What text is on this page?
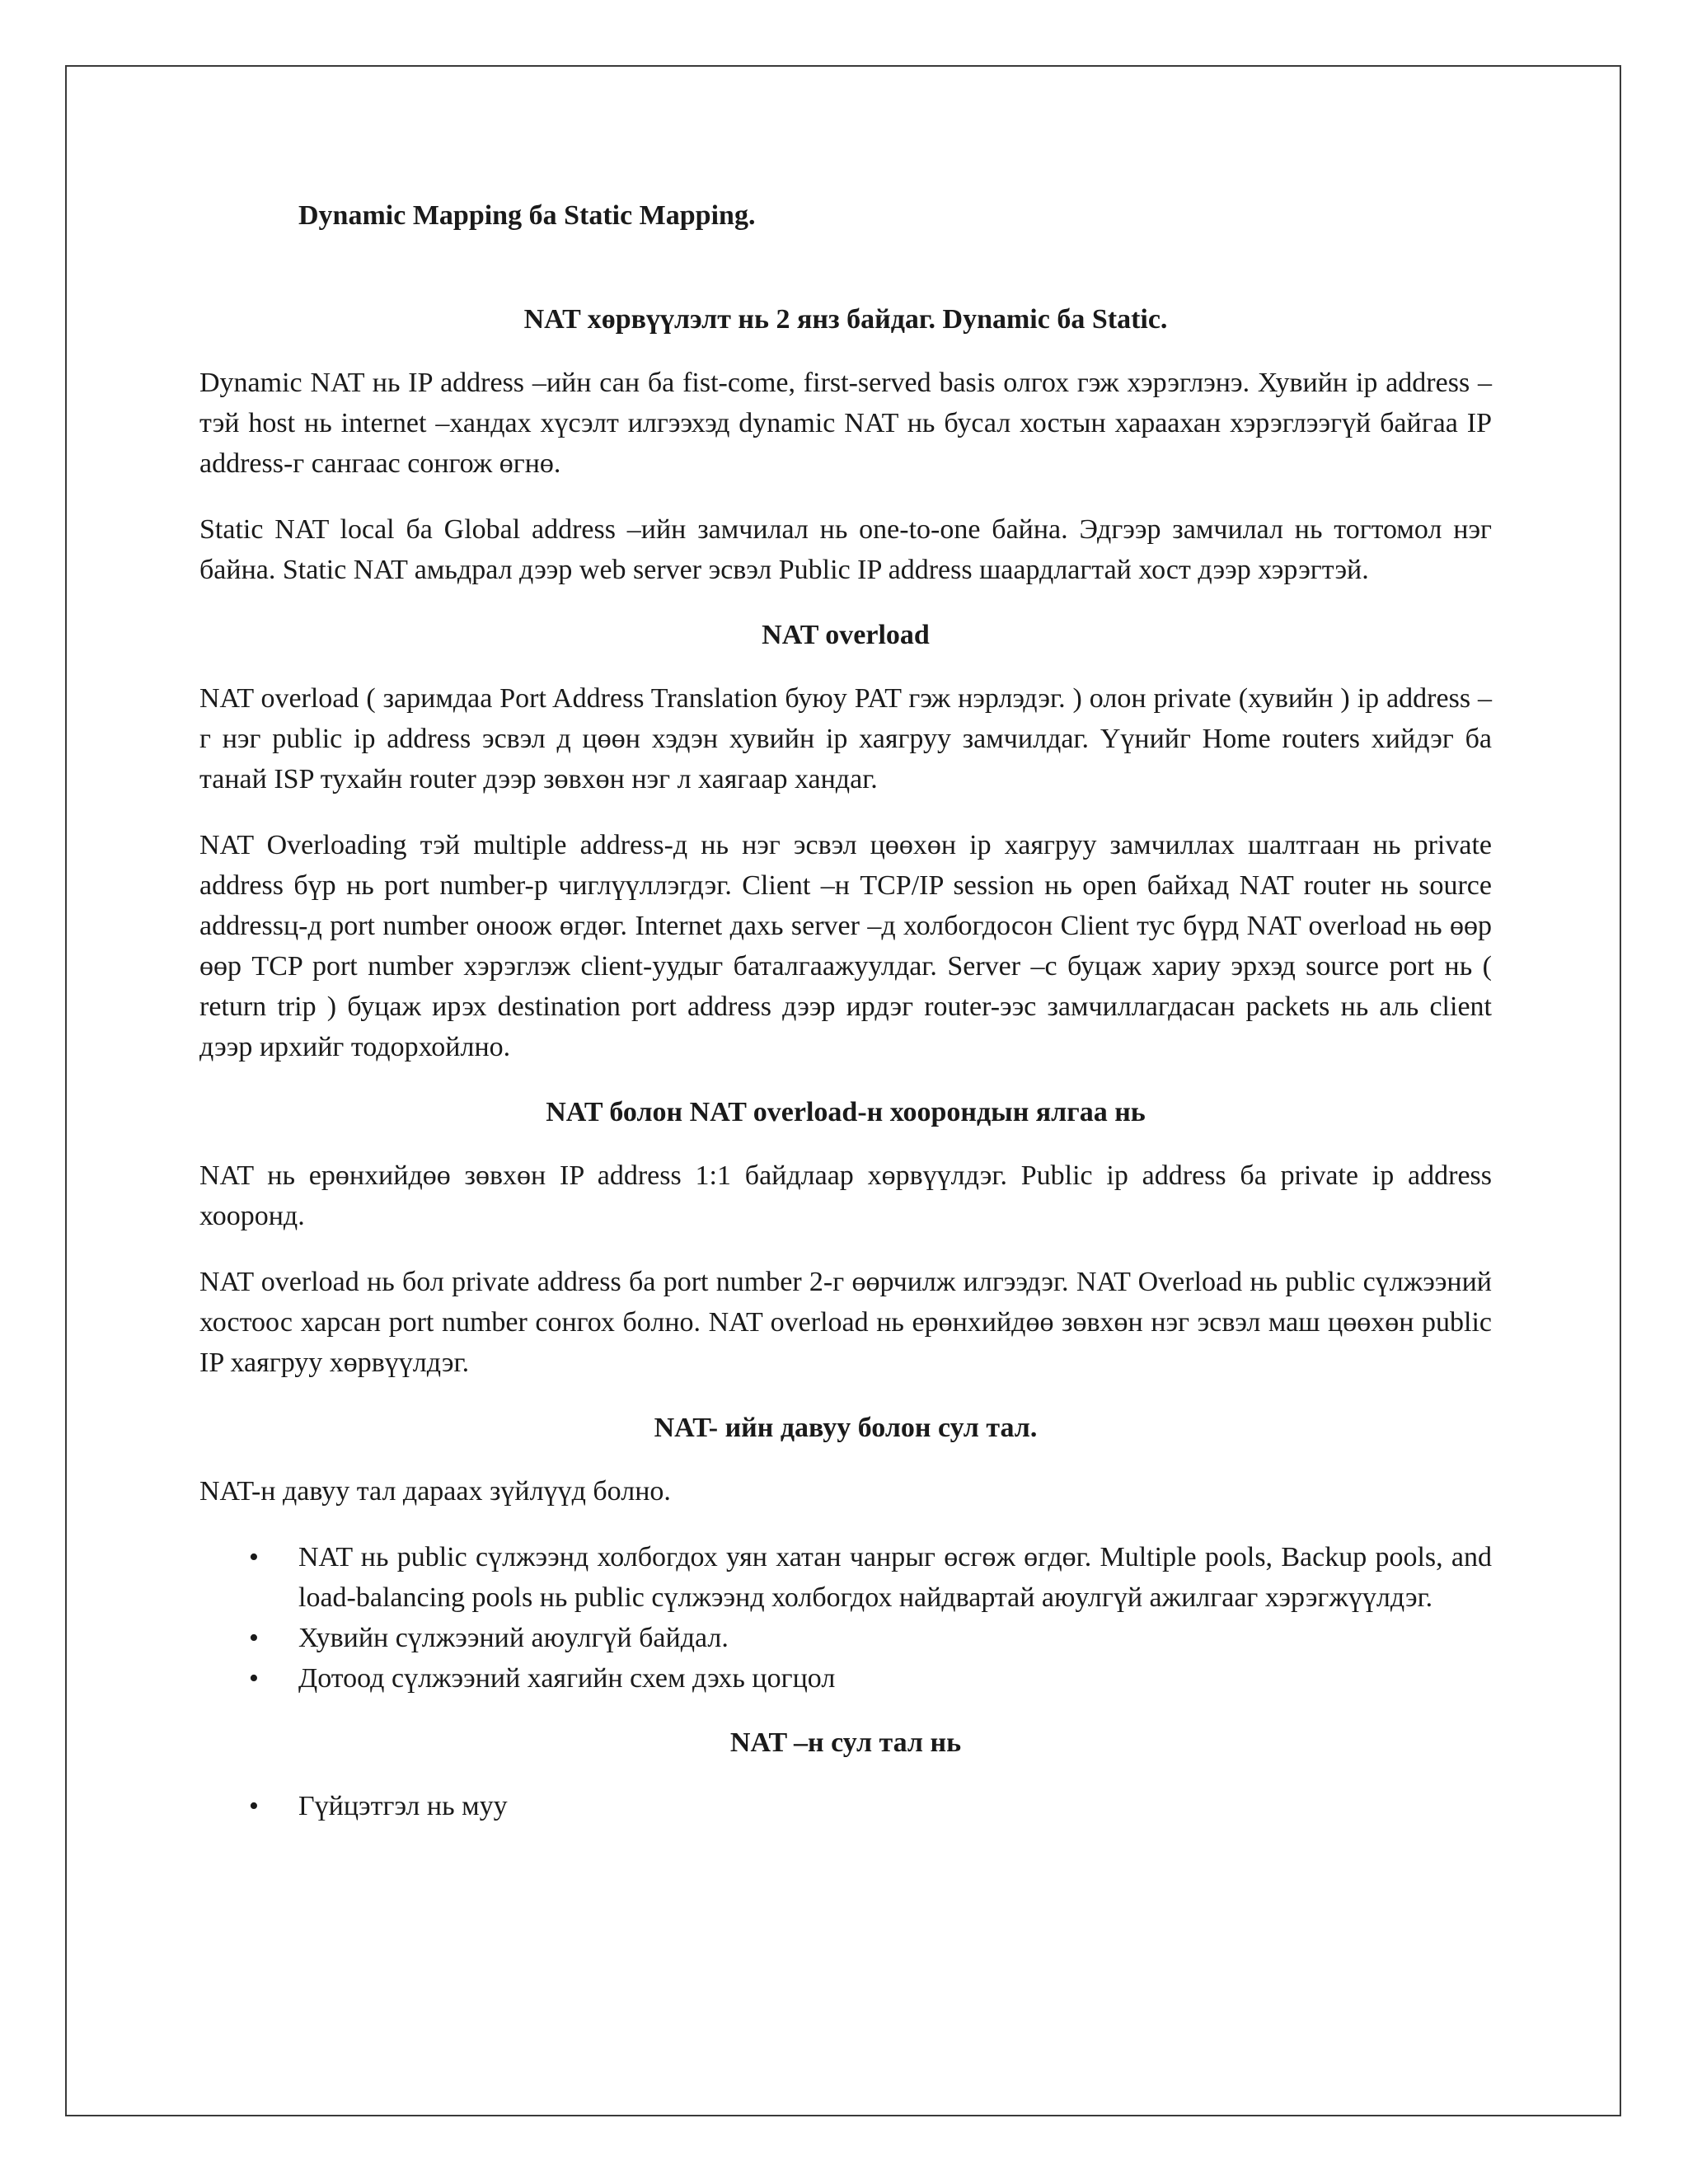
Dynamic Mapping ба Static Mapping.
NAT хөрвүүлэлт нь 2 янз байдаг. Dynamic ба Static.

Dynamic NAT нь IP address –ийн сан ба fist-come, first-served basis олгох гэж хэрэглэнэ. Хувийн ip address –тэй host нь internet –хандах хүсэлт илгээхэд dynamic NAT нь бусал хостын хараахан хэрэглээгүй байгаа IP address-г сангаас сонгож өгнө.

Static NAT local ба Global address –ийн замчилал нь one-to-one байна. Эдгээр замчилал нь тогтомол нэг байна. Static NAT амьдрал дээр web server эсвэл Public IP address шаардлагтай хост дээр хэрэгтэй.

NAT overload

NAT overload ( заримдаа Port Address Translation буюу PAT гэж нэрлэдэг. ) олон private (хувийн ) ip address –г нэг public ip address эсвэл д цөөн хэдэн хувийн ip хаягруу замчилдаг. Үүнийг Home routers хийдэг ба танай ISP тухайн router дээр зөвхөн нэг л хаягаар хандаг.

NAT Overloading тэй multiple address-д нь нэг эсвэл цөөхөн ip хаягруу замчиллах шалтгаан нь private address бүр нь port number-р чиглүүллэгдэг. Client –н TCP/IP session нь open байхад NAT router нь source addressц-д port number оноож өгдөг. Internet дахь server –д холбогдосон Client тус бүрд NAT overload нь өөр өөр TCP port number хэрэглэж client-уудыг баталгаажуулдаг. Server –с буцаж хариу эрхэд source port нь ( return trip ) буцаж ирэх destination port address дээр ирдэг router-ээс замчиллагдасан packets нь аль client дээр ирхийг тодорхойлно.

NAT болон NAT overload-н хоорондын ялгаа нь

NAT нь ерөнхийдөө зөвхөн IP address 1:1 байдлаар хөрвүүлдэг. Public ip address ба private ip address хооронд.

NAT overload нь бол private address ба port number 2-г өөрчилж илгээдэг. NAT Overload нь public сүлжээний хостоос харсан port number сонгох болно. NAT overload нь ерөнхийдөө зөвхөн нэг эсвэл маш цөөхөн public IP хаягруу хөрвүүлдэг.

NAT- ийн давуу болон сул тал.

NAT-н давуу тал дараах зүйлүүд болно.

• NAT нь public сүлжээнд холбогдох уян хатан чанрыг өсгөж өгдөг. Multiple pools, Backup pools, and load-balancing pools нь public сүлжээнд холбогдох найдвартай аюулгүй ажилгааг хэрэгжүүлдэг.
• Хувийн сүлжээний аюулгүй байдал.
• Дотоод сүлжээний хаягийн схем дэхь цогцол
NAT –н сул тал нь
• Гүйцэтгэл нь муу
